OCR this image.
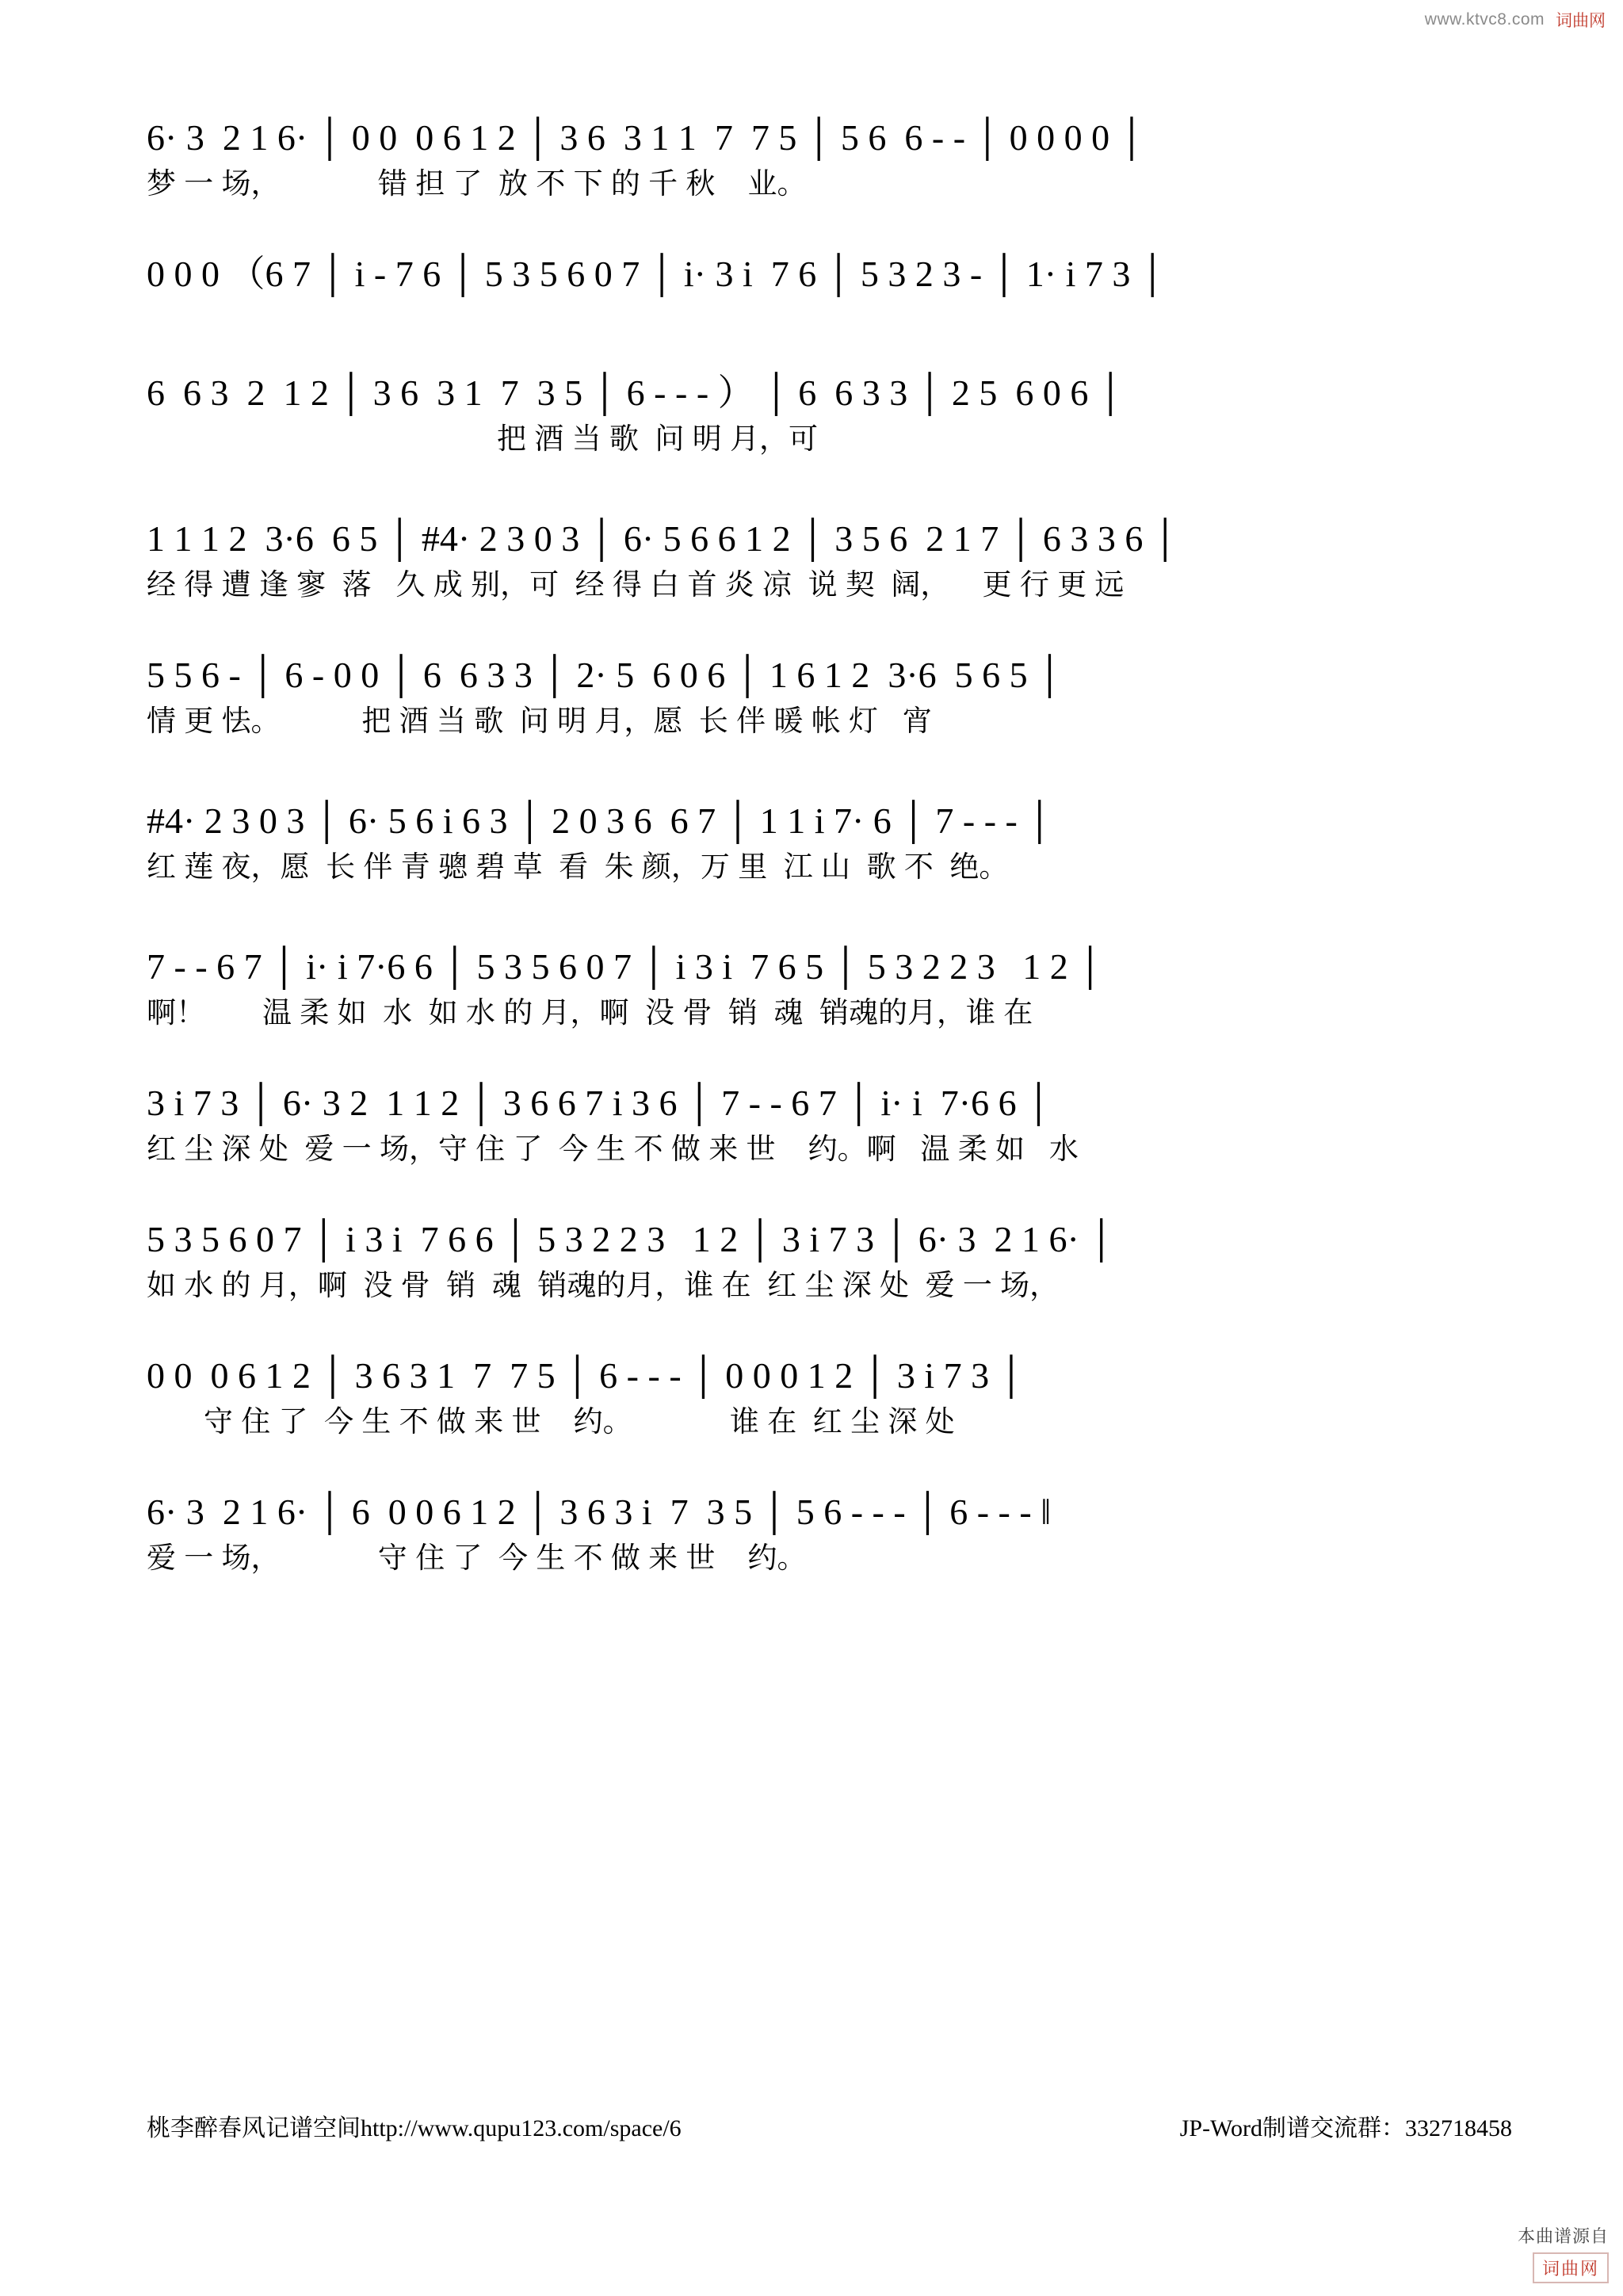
www.ktvc8.com 词曲网
6· 3  2 1 6· │ 0 0  0 6 1 2 │ 3 6  3 1 1  7  7 5 │ 5 6  6 - - │ 0 0 0 0 │
梦 一 场，            错 担 了  放 不 下 的 千 秋    业。
0 0 0 （6 7 │ i - 7 6 │ 5 3 5 6 0 7 │ i· 3 i  7 6 │ 5 3 2 3 - │ 1· i 7 3 │
6  6 3  2  1 2 │ 3 6  3 1  7  3 5 │ 6 - - - ） │ 6  6 3 3 │ 2 5  6 0 6 │
把 酒 当 歌  问 明 月，可
1 1 1 2  3·6  6 5 │ #4· 2 3 0 3 │ 6· 5 6 6 1 2 │ 3 5 6  2 1 7 │ 6 3 3 6 │
经 得 遭 逢 寥  落   久 成 别，可  经 得 白 首 炎 凉  说 契  阔，    更 行 更 远
5 5 6 - │ 6 - 0 0 │ 6  6 3 3 │ 2· 5  6 0 6 │ 1 6 1 2  3·6  5 6 5 │
情 更 怯。          把 酒 当 歌  问 明 月，愿  长 伴 暖 帐 灯   宵
#4· 2 3 0 3 │ 6· 5 6 i 6 3 │ 2 0 3 6  6 7 │ 1 1 i 7· 6 │ 7 - - - │
红 莲 夜，愿  长 伴 青 骢 碧 草  看  朱 颜，万 里  江 山  歌 不  绝。
7 - - 6 7 │ i· i 7·6 6 │ 5 3 5 6 0 7 │ i 3 i  7 6 5 │ 5 3 2 2 3   1 2 │
啊！       温 柔 如  水  如 水 的 月，啊  没 骨  销  魂  销魂的月，谁 在
3 i 7 3 │ 6· 3 2  1 1 2 │ 3 6 6 7 i 3 6 │ 7 - - 6 7 │ i· i  7·6 6 │
红 尘 深 处  爱 一 场，守 住 了  今 生 不 做 来 世    约。啊   温 柔 如   水
5 3 5 6 0 7 │ i 3 i  7 6 6 │ 5 3 2 2 3   1 2 │ 3 i 7 3 │ 6· 3  2 1 6· │
如 水 的 月，啊  没 骨  销  魂  销魂的月，谁 在  红 尘 深 处  爱 一 场，
0 0  0 6 1 2 │ 3 6 3 1  7  7 5 │ 6 - - - │ 0 0 0 1 2 │ 3 i 7 3 │
守 住 了  今 生 不 做 来 世    约。            谁 在  红 尘 深 处
6· 3  2 1 6· │ 6  0 0 6 1 2 │ 3 6 3 i  7  3 5 │ 5 6 - - - │ 6 - - - ‖
爱 一 场，            守 住 了  今 生 不 做 来 世    约。
桃李醉春风记谱空间http://www.qupu123.com/space/6	JP-Word制谱交流群：332718458
本曲谱源自
词曲网
